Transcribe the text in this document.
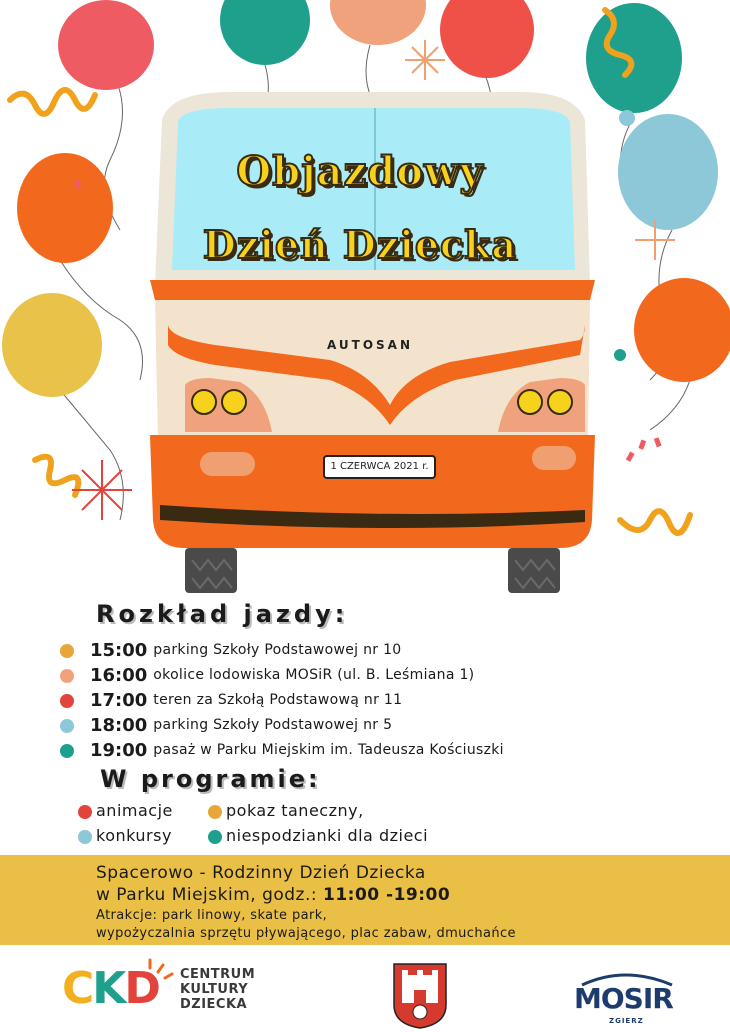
Objazdowy
Dzień Dziecka
AUTOSAN
1 CZERWCA 2021 r.
Rozkład jazdy:
15:00 parking Szkoły Podstawowej nr 10
16:00 okolice lodowiska MOSiR (ul. B. Leśmiana 1)
17:00 teren za Szkołą Podstawową nr 11
18:00 parking Szkoły Podstawowej nr 5
19:00 pasaż w Parku Miejskim im. Tadeusza Kościuszki
W programie:
animacje	pokaz taneczny,
konkursy	niespodzianki dla dzieci
Spacerowo - Rodzinny Dzień Dziecka
w Parku Miejskim, godz.: 11:00 -19:00
Atrakcje: park linowy, skate park,
wypożyczalnia sprzętu pływającego, plac zabaw, dmuchańce
CKD CENTRUM
KULTURY
DZIECKA	MOSIR
ZGIERZ
